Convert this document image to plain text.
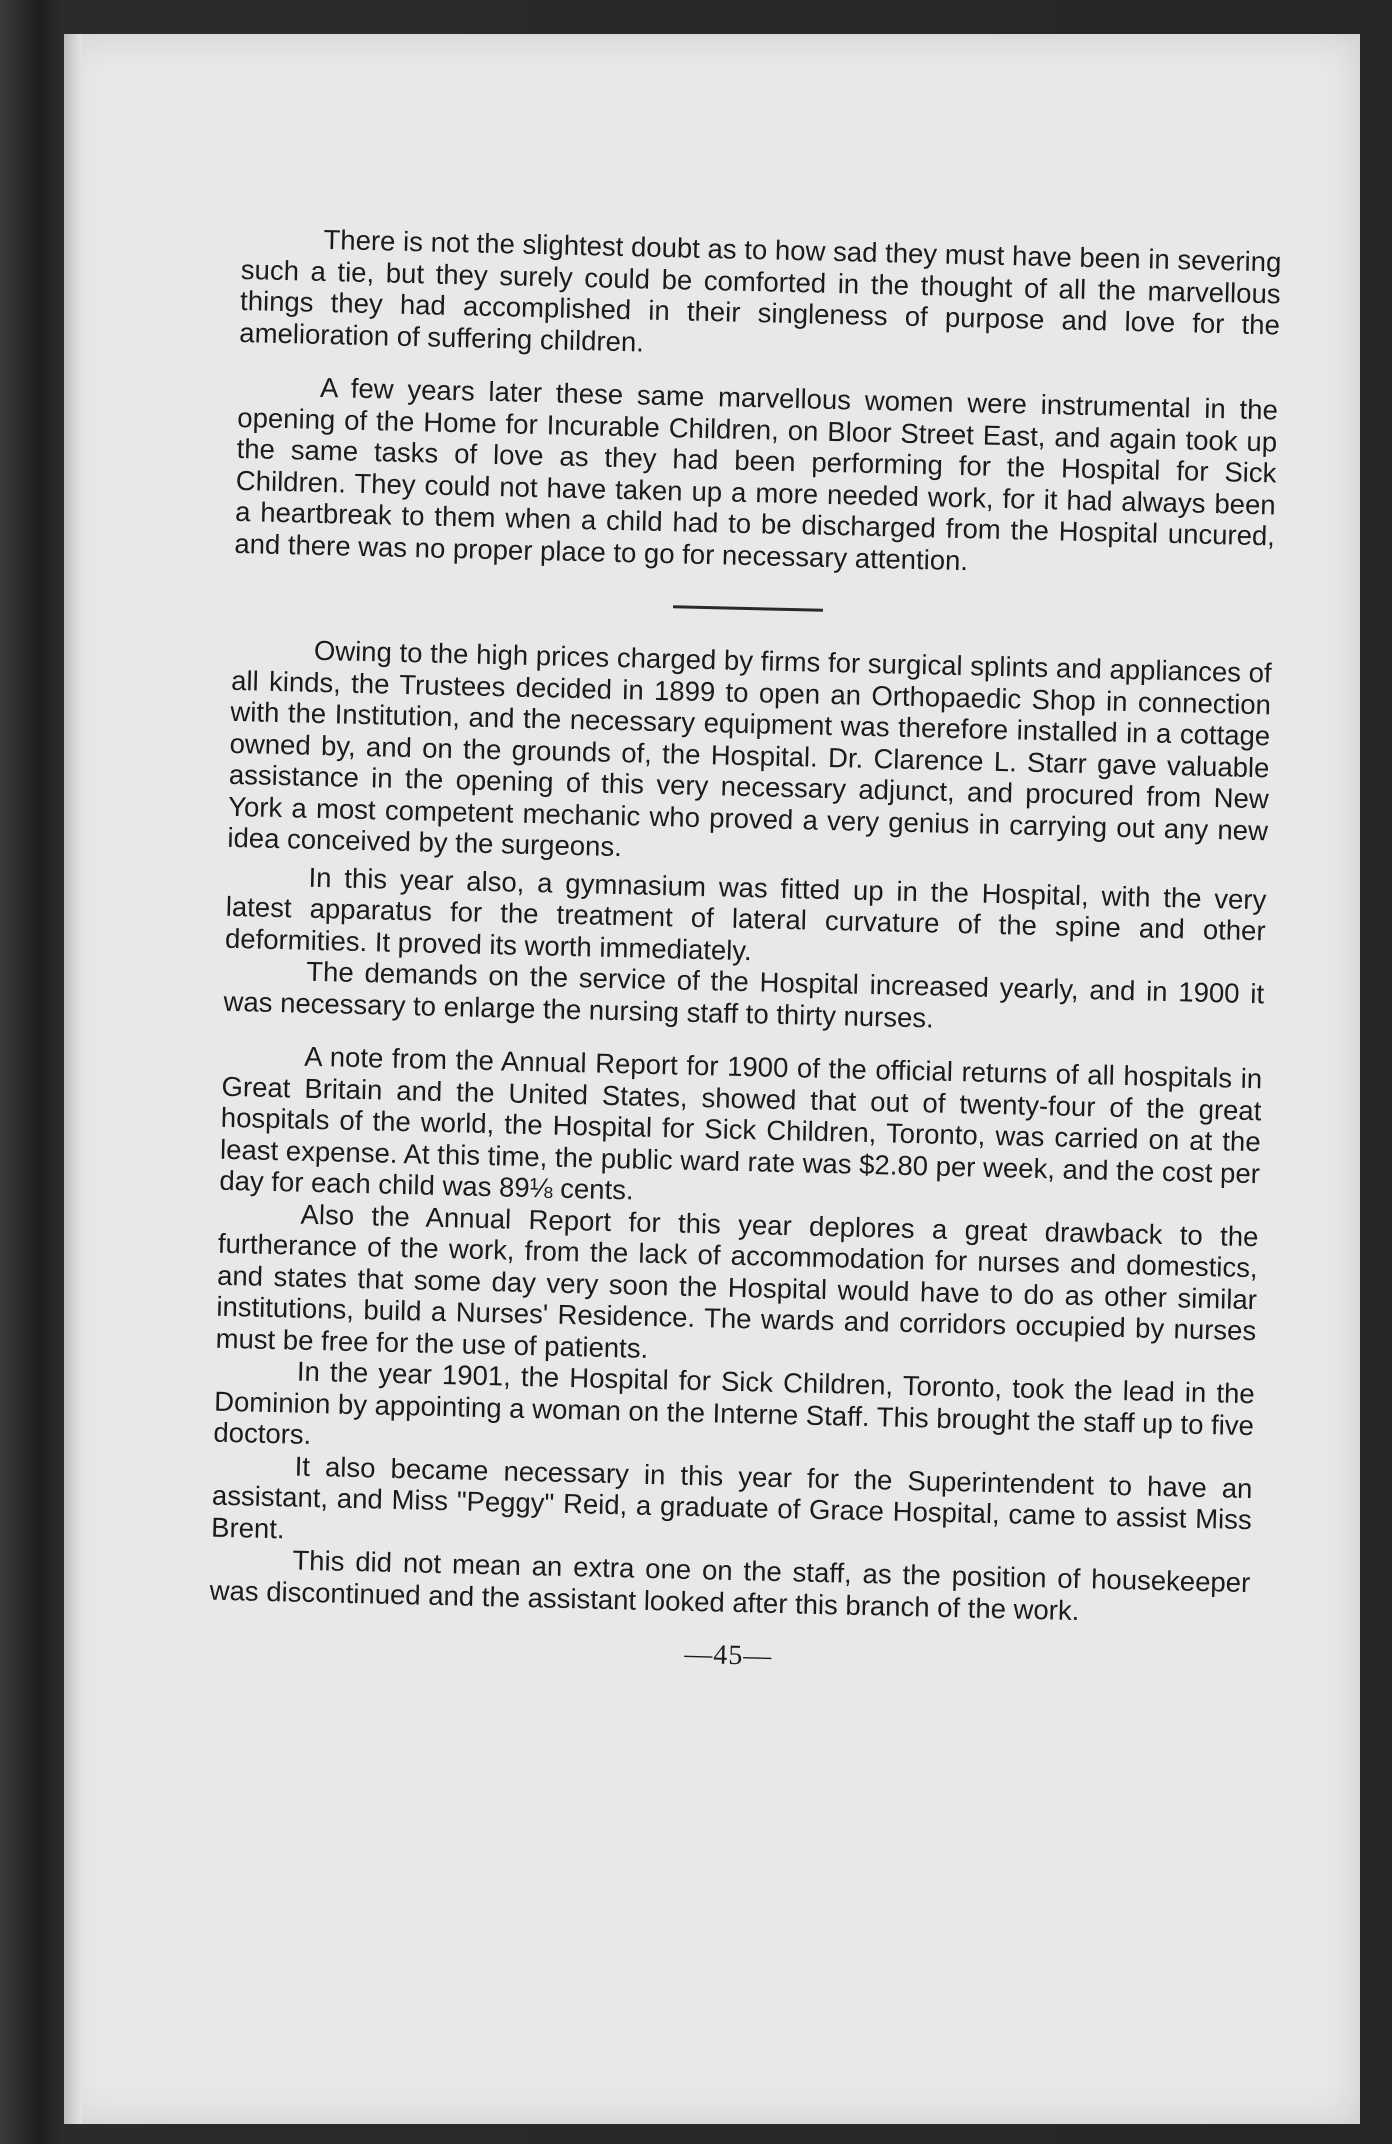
There is not the slightest doubt as to how sad they must have been in severing such a tie, but they surely could be comforted in the thought of all the marvellous things they had accomplished in their singleness of purpose and love for the amelioration of suffering children.

A few years later these same marvellous women were instrumental in the opening of the Home for Incurable Children, on Bloor Street East, and again took up the same tasks of love as they had been performing for the Hospital for Sick Children. They could not have taken up a more needed work, for it had always been a heartbreak to them when a child had to be discharged from the Hospital uncured, and there was no proper place to go for necessary attention.

Owing to the high prices charged by firms for surgical splints and appliances of all kinds, the Trustees decided in 1899 to open an Orthopaedic Shop in connection with the Institution, and the necessary equipment was therefore installed in a cottage owned by, and on the grounds of, the Hospital. Dr. Clarence L. Starr gave valuable assistance in the opening of this very necessary adjunct, and procured from New York a most competent mechanic who proved a very genius in carrying out any new idea conceived by the surgeons.

In this year also, a gymnasium was fitted up in the Hospital, with the very latest apparatus for the treatment of lateral curvature of the spine and other deformities. It proved its worth immediately.

The demands on the service of the Hospital increased yearly, and in 1900 it was necessary to enlarge the nursing staff to thirty nurses.

A note from the Annual Report for 1900 of the official returns of all hospitals in Great Britain and the United States, showed that out of twenty-four of the great hospitals of the world, the Hospital for Sick Children, Toronto, was carried on at the least expense. At this time, the public ward rate was $2.80 per week, and the cost per day for each child was 89⅛ cents.

Also the Annual Report for this year deplores a great drawback to the furtherance of the work, from the lack of accommodation for nurses and domestics, and states that some day very soon the Hospital would have to do as other similar institutions, build a Nurses' Residence. The wards and corridors occupied by nurses must be free for the use of patients.

In the year 1901, the Hospital for Sick Children, Toronto, took the lead in the Dominion by appointing a woman on the Interne Staff. This brought the staff up to five doctors.

It also became necessary in this year for the Superintendent to have an assistant, and Miss "Peggy" Reid, a graduate of Grace Hospital, came to assist Miss Brent.

This did not mean an extra one on the staff, as the position of housekeeper was discontinued and the assistant looked after this branch of the work.

—45—
